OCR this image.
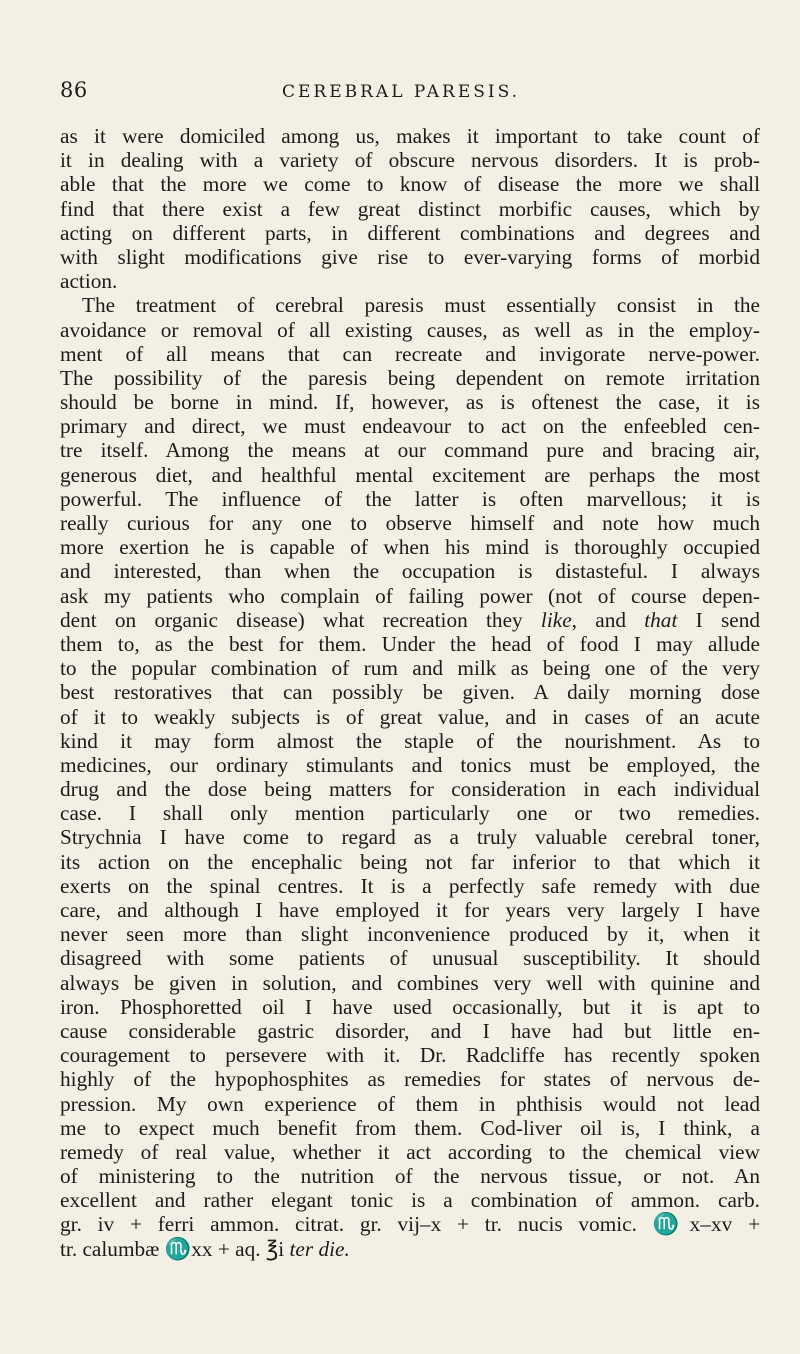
86	CEREBRAL PARESIS.
as it were domiciled among us, makes it important to take count of
it in dealing with a variety of obscure nervous disorders. It is prob-
able that the more we come to know of disease the more we shall
find that there exist a few great distinct morbific causes, which by
acting on different parts, in different combinations and degrees and
with slight modifications give rise to ever-varying forms of morbid
action.
The treatment of cerebral paresis must essentially consist in the
avoidance or removal of all existing causes, as well as in the employ-
ment of all means that can recreate and invigorate nerve-power.
The possibility of the paresis being dependent on remote irritation
should be borne in mind. If, however, as is oftenest the case, it is
primary and direct, we must endeavour to act on the enfeebled cen-
tre itself. Among the means at our command pure and bracing air,
generous diet, and healthful mental excitement are perhaps the most
powerful. The influence of the latter is often marvellous; it is
really curious for any one to observe himself and note how much
more exertion he is capable of when his mind is thoroughly occupied
and interested, than when the occupation is distasteful. I always
ask my patients who complain of failing power (not of course depen-
dent on organic disease) what recreation they like, and that I send
them to, as the best for them. Under the head of food I may allude
to the popular combination of rum and milk as being one of the very
best restoratives that can possibly be given. A daily morning dose
of it to weakly subjects is of great value, and in cases of an acute
kind it may form almost the staple of the nourishment. As to
medicines, our ordinary stimulants and tonics must be employed, the
drug and the dose being matters for consideration in each individual
case. I shall only mention particularly one or two remedies.
Strychnia I have come to regard as a truly valuable cerebral toner,
its action on the encephalic being not far inferior to that which it
exerts on the spinal centres. It is a perfectly safe remedy with due
care, and although I have employed it for years very largely I have
never seen more than slight inconvenience produced by it, when it
disagreed with some patients of unusual susceptibility. It should
always be given in solution, and combines very well with quinine and
iron. Phosphoretted oil I have used occasionally, but it is apt to
cause considerable gastric disorder, and I have had but little en-
couragement to persevere with it. Dr. Radcliffe has recently spoken
highly of the hypophosphites as remedies for states of nervous de-
pression. My own experience of them in phthisis would not lead
me to expect much benefit from them. Cod-liver oil is, I think, a
remedy of real value, whether it act according to the chemical view
of ministering to the nutrition of the nervous tissue, or not. An
excellent and rather elegant tonic is a combination of ammon. carb.
gr. iv + ferri ammon. citrat. gr. vij–x + tr. nucis vomic. ♏x–xv +
tr. calumbæ ♏xx + aq. ℥i ter die.
